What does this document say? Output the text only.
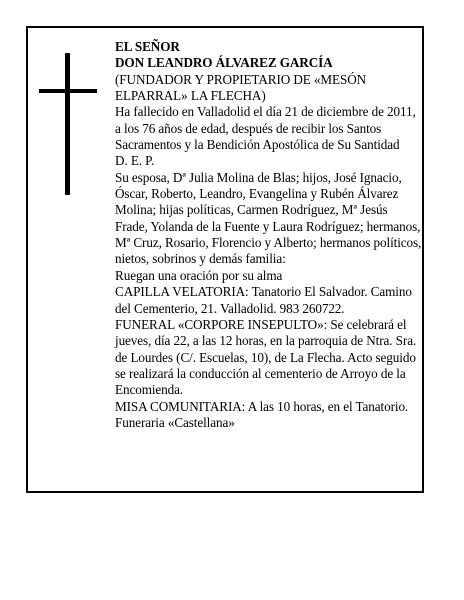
EL SEÑOR

DON LEANDRO ÁLVAREZ GARCÍA

(FUNDADOR Y PROPIETARIO DE «MESÓN ELPARRAL» LA FLECHA)

Ha fallecido en Valladolid el día 21 de diciembre de 2011, a los 76 años de edad, después de recibir los Santos Sacramentos y la Bendición Apostólica de Su Santidad

D. E. P.

Su esposa, Dª Julia Molina de Blas; hijos, José Ignacio, Óscar, Roberto, Leandro, Evangelina y Rubén Álvarez Molina; hijas políticas, Carmen Rodríguez, Mª Jesús Frade, Yolanda de la Fuente y Laura Rodríguez; hermanos, Mª Cruz, Rosario, Florencio y Alberto; hermanos políticos, nietos, sobrinos y demás familia:

Ruegan una oración por su alma

CAPILLA VELATORIA: Tanatorio El Salvador. Camino del Cementerio, 21. Valladolid. 983 260722.

FUNERAL «CORPORE INSEPULTO»: Se celebrará el jueves, día 22, a las 12 horas, en la parroquia de Ntra. Sra. de Lourdes (C/. Escuelas, 10), de La Flecha. Acto seguido se realizará la conducción al cementerio de Arroyo de la Encomienda.

MISA COMUNITARIA: A las 10 horas, en el Tanatorio.

Funeraria «Castellana»
